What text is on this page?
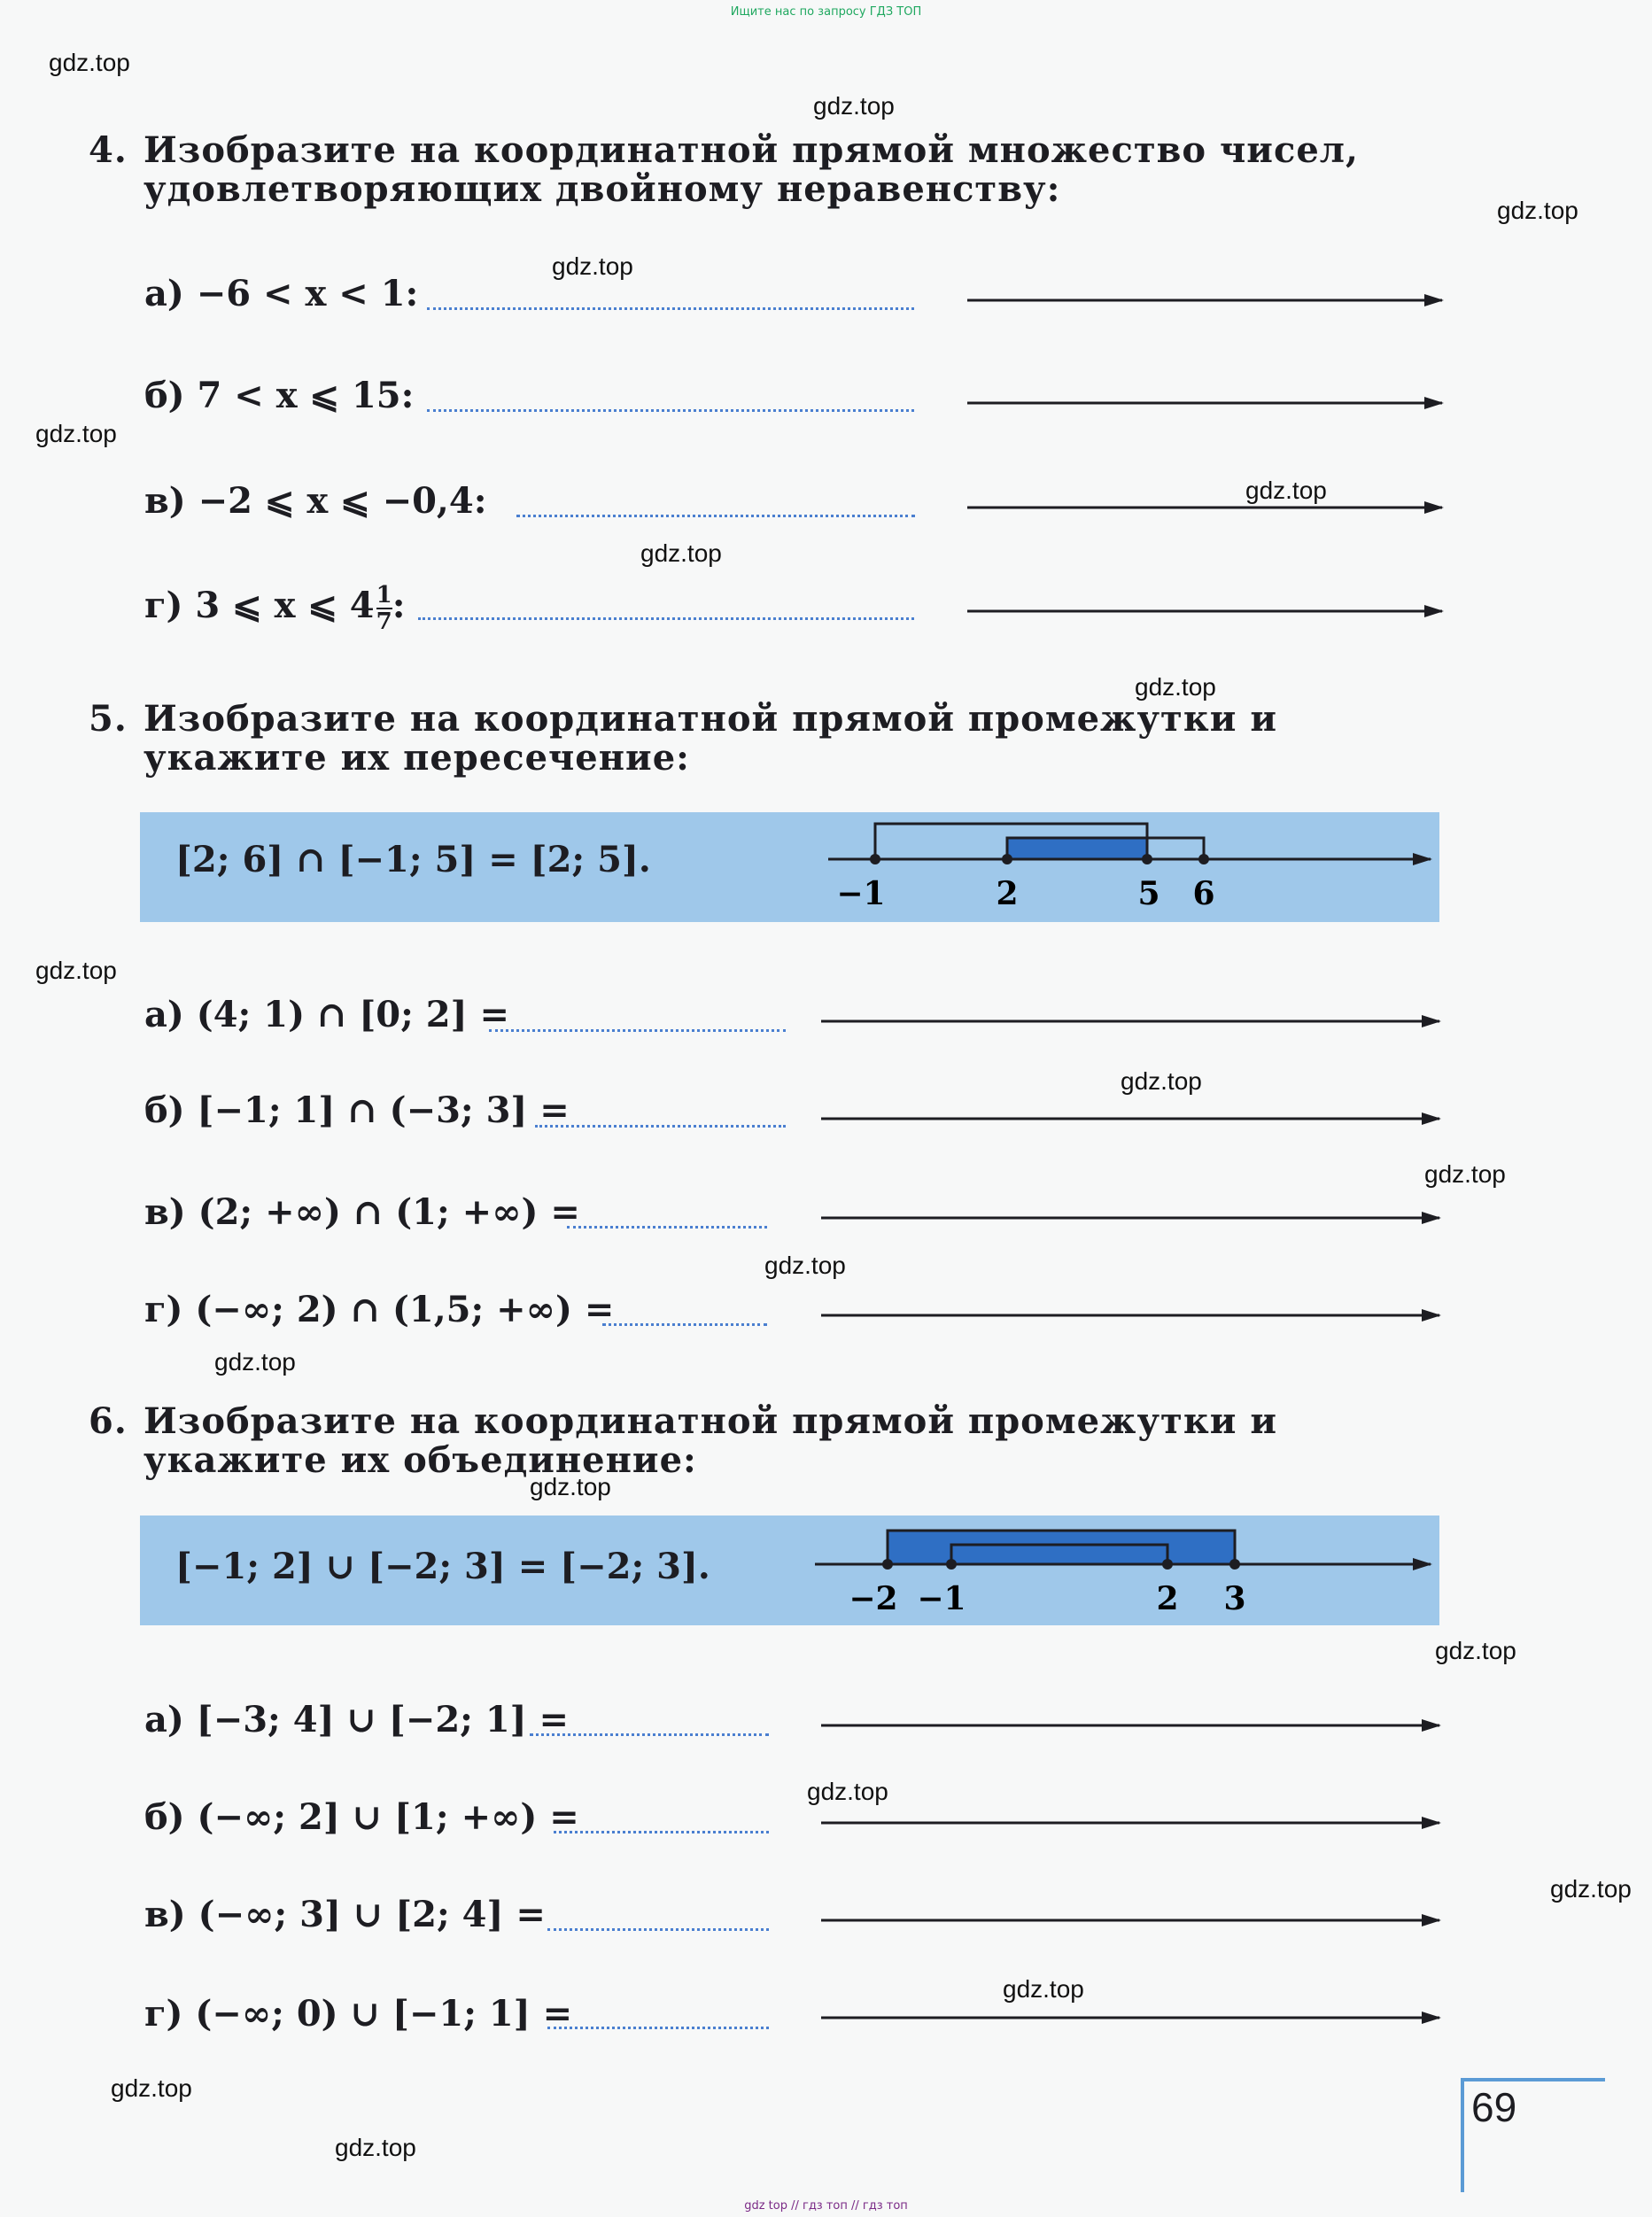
Ищите нас по запросу ГДЗ ТОП
gdz top // гдз топ // гдз топ
gdz.top
gdz.top
gdz.top
gdz.top
gdz.top
gdz.top
gdz.top
gdz.top
gdz.top
gdz.top
gdz.top
gdz.top
gdz.top
gdz.top
gdz.top
gdz.top
gdz.top
gdz.top
gdz.top
gdz.top
4. Изобразите на координатной прямой множество чисел, удовлетворяющих двойному неравенству:
а) −6 < x < 1:
б) 7 < x ⩽ 15:
в) −2 ⩽ x ⩽ −0,4:
г) 3 ⩽ x ⩽ $4 \frac{1}{7}$ :
5. Изобразите на координатной прямой промежутки и укажите их пересечение:
[2; 6] ∩ [−1; 5] = [2; 5].
а) (4; 1) ∩ [0; 2] =
б) [−1; 1] ∩ (−3; 3] =
в) (2; +∞) ∩ (1; +∞) =
г) (−∞; 2) ∩ (1,5; +∞) =
6. Изобразите на координатной прямой промежутки и укажите их объединение:
[−1; 2] ∪ [−2; 3] = [−2; 3].
а) [−3; 4] ∪ [−2; 1] =
б) (−∞; 2] ∪ [1; +∞) =
в) (−∞; 3] ∪ [2; 4] =
г) (−∞; 0) ∪ [−1; 1] =
−1	2	5 6
−2 −1	2 3
69
